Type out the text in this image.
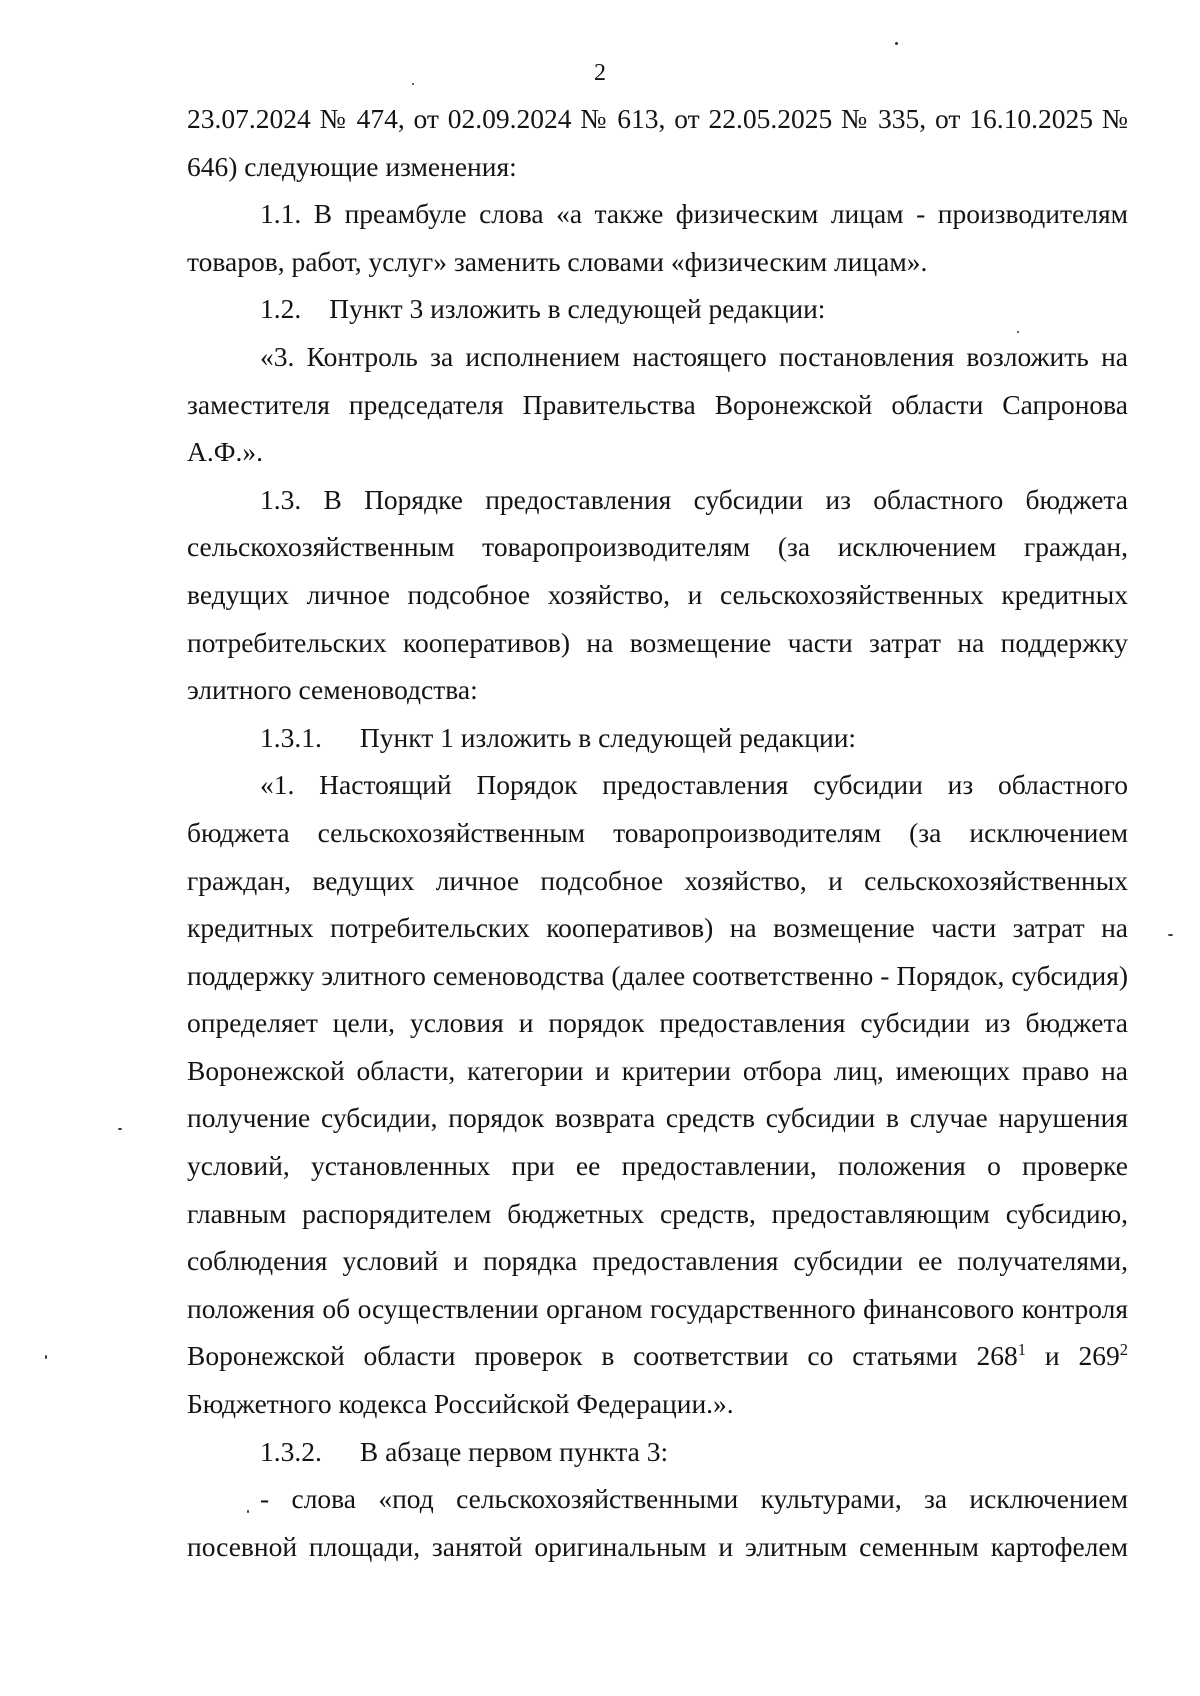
2

23.07.2024 № 474, от 02.09.2024 № 613, от 22.05.2025 № 335, от 16.10.2025 № 646) следующие изменения:

1.1. В преамбуле слова «а также физическим лицам - производителям товаров, работ, услуг» заменить словами «физическим лицам».

1.2. Пункт 3 изложить в следующей редакции:

«3. Контроль за исполнением настоящего постановления возложить на заместителя председателя Правительства Воронежской области Сапронова А.Ф.».

1.3. В Порядке предоставления субсидии из областного бюджета сельскохозяйственным товаропроизводителям (за исключением граждан, ведущих личное подсобное хозяйство, и сельскохозяйственных кредитных потребительских кооперативов) на возмещение части затрат на поддержку элитного семеноводства:

1.3.1. Пункт 1 изложить в следующей редакции:

«1. Настоящий Порядок предоставления субсидии из областного бюджета сельскохозяйственным товаропроизводителям (за исключением граждан, ведущих личное подсобное хозяйство, и сельскохозяйственных кредитных потребительских кооперативов) на возмещение части затрат на поддержку элитного семеноводства (далее соответственно - Порядок, субсидия) определяет цели, условия и порядок предоставления субсидии из бюджета Воронежской области, категории и критерии отбора лиц, имеющих право на получение субсидии, порядок возврата средств субсидии в случае нарушения условий, установленных при ее предоставлении, положения о проверке главным распорядителем бюджетных средств, предоставляющим субсидию, соблюдения условий и порядка предоставления субсидии ее получателями, положения об осуществлении органом государственного финансового контроля Воронежской области проверок в соответствии со статьями $268^1$ и $269^2$ Бюджетного кодекса Российской Федерации.».

1.3.2. В абзаце первом пункта 3:

- слова «под сельскохозяйственными культурами, за исключением посевной площади, занятой оригинальным и элитным семенным картофелем
